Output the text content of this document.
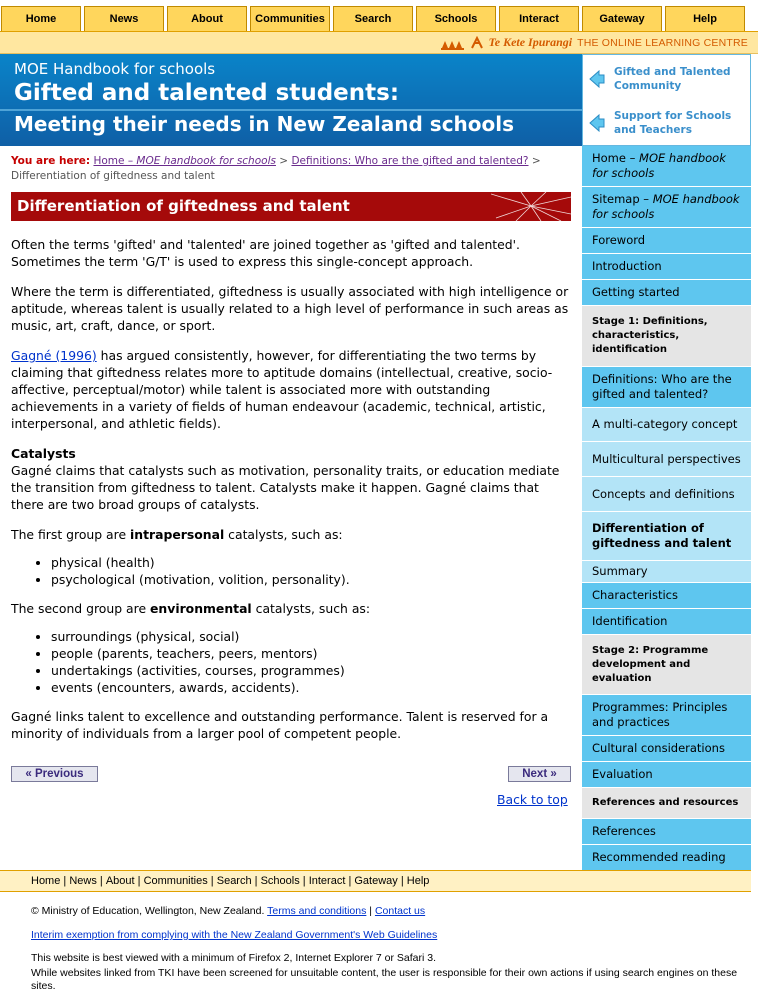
Home	News	About	Communities	Search	Schools	Interact	Gateway	Help
Te Kete Ipurangi THE ONLINE LEARNING CENTRE
MOE Handbook for schools
Gifted and talented students:
Meeting their needs in New Zealand schools
Gifted and Talented Community
Support for Schools and Teachers
You are here: Home – MOE handbook for schools > Definitions: Who are the gifted and talented? > Differentiation of giftedness and talent
Differentiation of giftedness and talent

Often the terms 'gifted' and 'talented' are joined together as 'gifted and talented'. Sometimes the term 'G/T' is used to express this single-concept approach.

Where the term is differentiated, giftedness is usually associated with high intelligence or aptitude, whereas talent is usually related to a high level of performance in such areas as music, art, craft, dance, or sport.

Gagné (1996) has argued consistently, however, for differentiating the two terms by claiming that giftedness relates more to aptitude domains (intellectual, creative, socio-affective, perceptual/motor) while talent is associated more with outstanding achievements in a variety of fields of human endeavour (academic, technical, artistic, interpersonal, and athletic fields).

Catalysts
Gagné claims that catalysts such as motivation, personality traits, or education mediate the transition from giftedness to talent. Catalysts make it happen. Gagné claims that there are two broad groups of catalysts.

The first group are intrapersonal catalysts, such as:

• physical (health)
• psychological (motivation, volition, personality).

The second group are environmental catalysts, such as:

• surroundings (physical, social)
• people (parents, teachers, peers, mentors)
• undertakings (activities, courses, programmes)
• events (encounters, awards, accidents).

Gagné links talent to excellence and outstanding performance. Talent is reserved for a minority of individuals from a larger pool of competent people.

« Previous	Next »
Back to top
Home – MOE handbook for schools
Sitemap – MOE handbook for schools
Foreword
Introduction
Getting started
Stage 1: Definitions, characteristics, identification
Definitions: Who are the gifted and talented?
A multi-category concept
Multicultural perspectives
Concepts and definitions
Differentiation of giftedness and talent
Summary
Characteristics
Identification
Stage 2: Programme development and evaluation
Programmes: Principles and practices
Cultural considerations
Evaluation
References and resources
References
Recommended reading
Home | News | About | Communities | Search | Schools | Interact | Gateway | Help
© Ministry of Education, Wellington, New Zealand. Terms and conditions | Contact us
Interim exemption from complying with the New Zealand Government's Web Guidelines
This website is best viewed with a minimum of Firefox 2, Internet Explorer 7 or Safari 3.
While websites linked from TKI have been screened for unsuitable content, the user is responsible for their own actions if using search engines on these sites.
